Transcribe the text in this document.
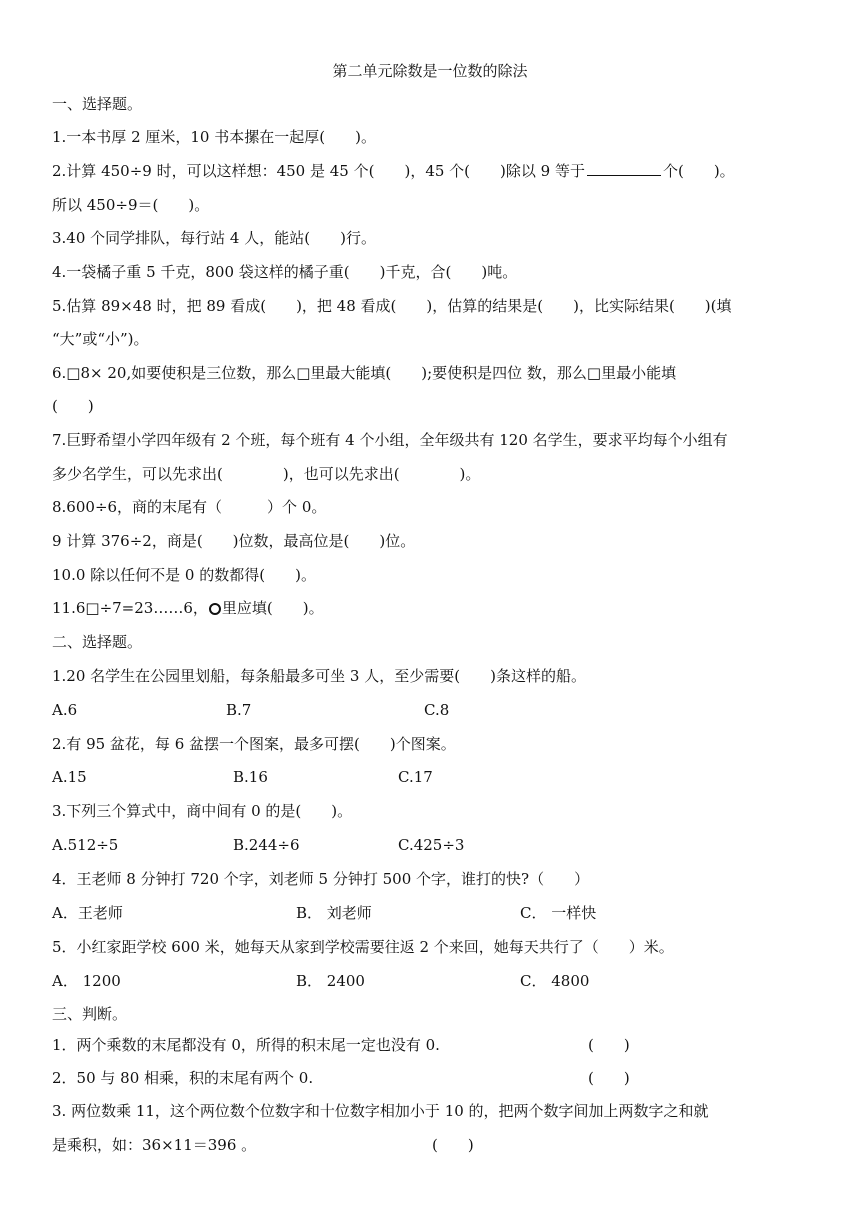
第二单元除数是一位数的除法
一、选择题。
1.一本书厚 2 厘米，10 书本摞在一起厚(　　)。
2.计算 450÷9 时，可以这样想：450 是 45 个(　　)，45 个(　　)除以 9 等于	个(　　)。
所以 450÷9＝(　　)。
3.40 个同学排队，每行站 4 人，能站(　　)行。
4.一袋橘子重 5 千克，800 袋这样的橘子重(　　)千克，合(　　)吨。
5.估算 89×48 时，把 89 看成(　　)，把 48 看成(　　)，估算的结果是(　　)，比实际结果(　　)(填
“大”或“小”)。
6.□8× 20,如要使积是三位数，那么□里最大能填(　　);要使积是四位 数，那么□里最小能填
(　　)
7.巨野希望小学四年级有 2 个班，每个班有 4 个小组，全年级共有 120 名学生，要求平均每个小组有
多少名学生，可以先求出(　　　　)，也可以先求出(　　　　)。
8.600÷6，商的末尾有（　　　）个 0。
9 计算 376÷2，商是(　　)位数，最高位是(　　)位。
10.0 除以任何不是 0 的数都得(　　)。
11.6□÷7=23……6， 里应填(　　)。
二、选择题。
1.20 名学生在公园里划船，每条船最多可坐 3 人，至少需要(　　)条这样的船。
A.6	B.7	C.8
2.有 95 盆花，每 6 盆摆一个图案，最多可摆(　　)个图案。
A.15	B.16	C.17
3.下列三个算式中，商中间有 0 的是(　　)。
A.512÷5	B.244÷6	C.425÷3
4．王老师 8 分钟打 720 个字，刘老师 5 分钟打 500 个字，谁打的快?（　　）
A．王老师	B． 刘老师	C． 一样快
5．小红家距学校 600 米，她每天从家到学校需要往返 2 个来回，她每天共行了（　　）米。
A． 1200	B． 2400	C． 4800
三、判断。
1．两个乘数的末尾都没有 0，所得的积末尾一定也没有 0.	(　　)
2．50 与 80 相乘，积的末尾有两个 0.	(　　)
3. 两位数乘 11，这个两位数个位数字和十位数字相加小于 10 的，把两个数字间加上两数字之和就
是乘积，如：36×11＝396 。	(　　)
